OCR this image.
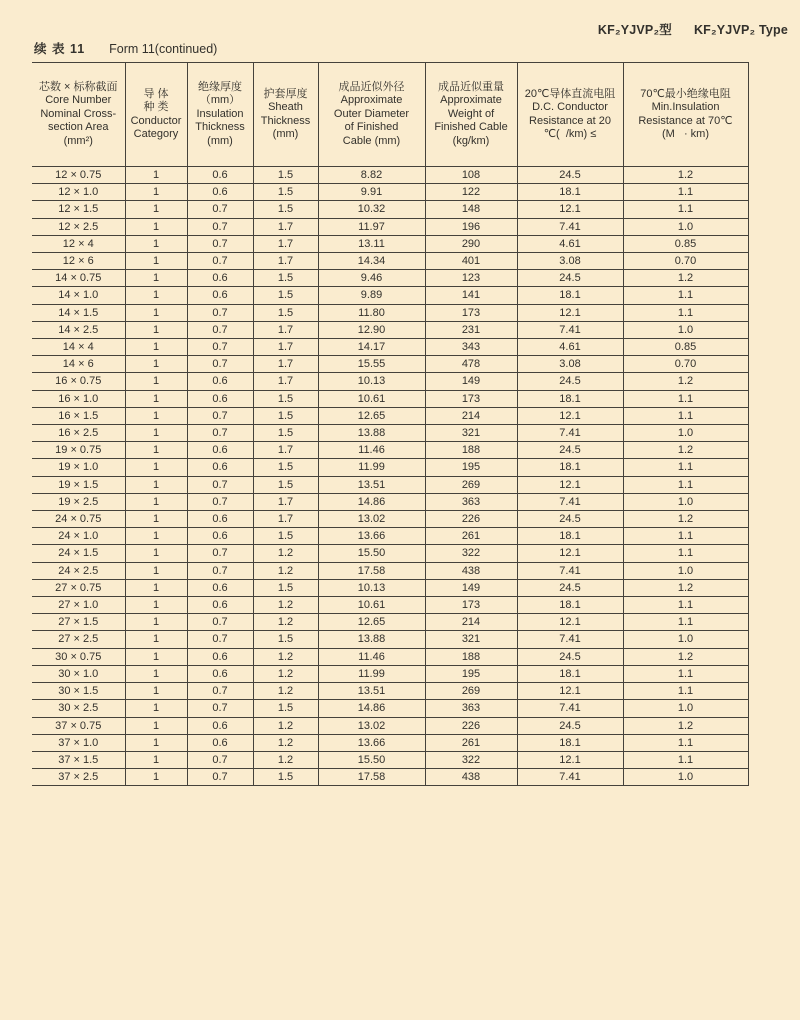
KF₂YJVP₂型 KF₂YJVP₂ Type
续 表 11 Form 11(continued)
芯数 × 标称截面
Core Number
Nominal Cross-
section Area
(mm²)

导 体
种 类
Conductor
Category

绝缘厚度
（mm）
Insulation
Thickness
(mm)

护套厚度
Sheath
Thickness
(mm)

成品近似外径
Approximate
Outer Diameter
of Finished
Cable (mm)

成品近似重量
Approximate
Weight of
Finished Cable
(kg/km)

20℃导体直流电阻
D.C. Conductor
Resistance at 20
℃(  /km) ≤

70℃最小绝缘电阻
Min.Insulation
Resistance at 70℃
(M   · km)

12 × 0.75	1	0.6	1.5	8.82	108	24.5	1.2
12 × 1.0	1	0.6	1.5	9.91	122	18.1	1.1
12 × 1.5	1	0.7	1.5	10.32	148	12.1	1.1
12 × 2.5	1	0.7	1.7	11.97	196	7.41	1.0
12 × 4	1	0.7	1.7	13.11	290	4.61	0.85
12 × 6	1	0.7	1.7	14.34	401	3.08	0.70
14 × 0.75	1	0.6	1.5	9.46	123	24.5	1.2
14 × 1.0	1	0.6	1.5	9.89	141	18.1	1.1
14 × 1.5	1	0.7	1.5	11.80	173	12.1	1.1
14 × 2.5	1	0.7	1.7	12.90	231	7.41	1.0
14 × 4	1	0.7	1.7	14.17	343	4.61	0.85
14 × 6	1	0.7	1.7	15.55	478	3.08	0.70
16 × 0.75	1	0.6	1.7	10.13	149	24.5	1.2
16 × 1.0	1	0.6	1.5	10.61	173	18.1	1.1
16 × 1.5	1	0.7	1.5	12.65	214	12.1	1.1
16 × 2.5	1	0.7	1.5	13.88	321	7.41	1.0
19 × 0.75	1	0.6	1.7	11.46	188	24.5	1.2
19 × 1.0	1	0.6	1.5	11.99	195	18.1	1.1
19 × 1.5	1	0.7	1.5	13.51	269	12.1	1.1
19 × 2.5	1	0.7	1.7	14.86	363	7.41	1.0
24 × 0.75	1	0.6	1.7	13.02	226	24.5	1.2
24 × 1.0	1	0.6	1.5	13.66	261	18.1	1.1
24 × 1.5	1	0.7	1.2	15.50	322	12.1	1.1
24 × 2.5	1	0.7	1.2	17.58	438	7.41	1.0
27 × 0.75	1	0.6	1.5	10.13	149	24.5	1.2
27 × 1.0	1	0.6	1.2	10.61	173	18.1	1.1
27 × 1.5	1	0.7	1.2	12.65	214	12.1	1.1
27 × 2.5	1	0.7	1.5	13.88	321	7.41	1.0
30 × 0.75	1	0.6	1.2	11.46	188	24.5	1.2
30 × 1.0	1	0.6	1.2	11.99	195	18.1	1.1
30 × 1.5	1	0.7	1.2	13.51	269	12.1	1.1
30 × 2.5	1	0.7	1.5	14.86	363	7.41	1.0
37 × 0.75	1	0.6	1.2	13.02	226	24.5	1.2
37 × 1.0	1	0.6	1.2	13.66	261	18.1	1.1
37 × 1.5	1	0.7	1.2	15.50	322	12.1	1.1
37 × 2.5	1	0.7	1.5	17.58	438	7.41	1.0
